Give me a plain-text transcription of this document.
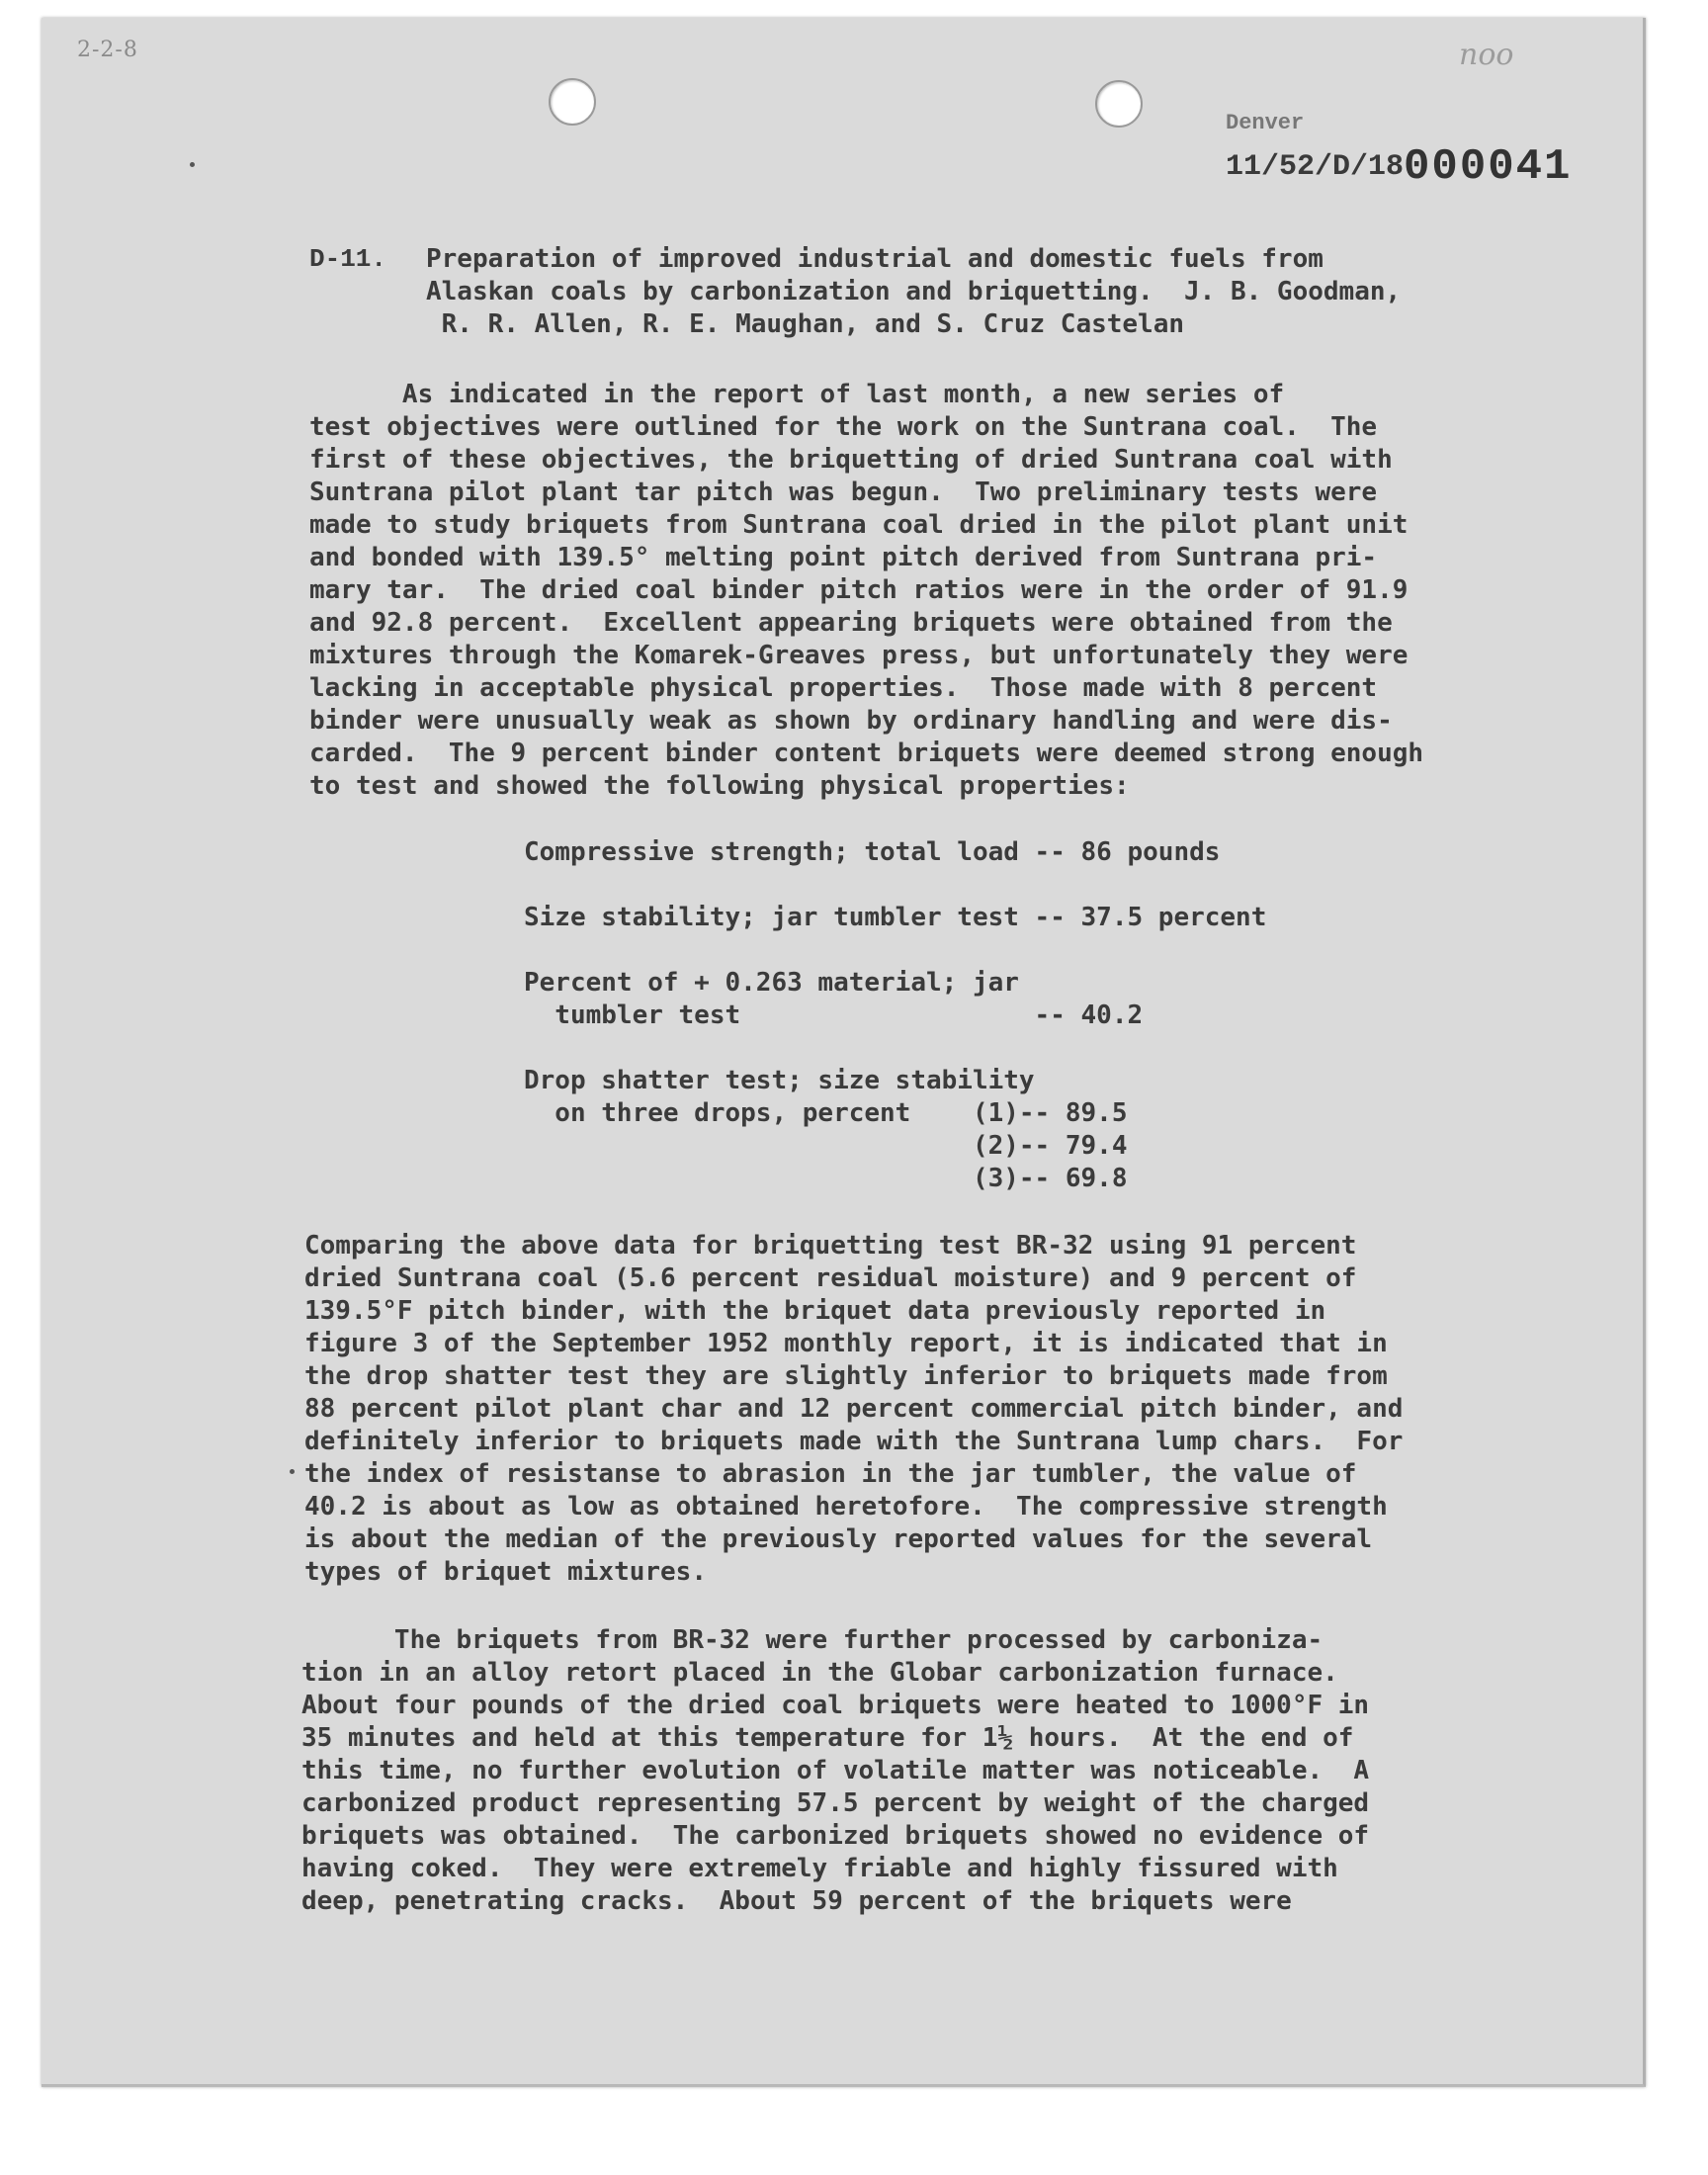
2-2-8	noo
Denver
11/52/D/18000041
D-11. Preparation of improved industrial and domestic fuels from
Alaskan coals by carbonization and briquetting.  J. B. Goodman,
R. R. Allen, R. E. Maughan, and S. Cruz Castelan
As indicated in the report of last month, a new series of
test objectives were outlined for the work on the Suntrana coal.  The
first of these objectives, the briquetting of dried Suntrana coal with
Suntrana pilot plant tar pitch was begun.  Two preliminary tests were
made to study briquets from Suntrana coal dried in the pilot plant unit
and bonded with 139.5° melting point pitch derived from Suntrana pri-
mary tar.  The dried coal binder pitch ratios were in the order of 91.9
and 92.8 percent.  Excellent appearing briquets were obtained from the
mixtures through the Komarek-Greaves press, but unfortunately they were
lacking in acceptable physical properties.  Those made with 8 percent
binder were unusually weak as shown by ordinary handling and were dis-
carded.  The 9 percent binder content briquets were deemed strong enough
to test and showed the following physical properties:
Compressive strength; total load -- 86 pounds

Size stability; jar tumbler test -- 37.5 percent

Percent of + 0.263 material; jar
tumbler test                   -- 40.2

Drop shatter test; size stability
on three drops, percent    (1)-- 89.5
(2)-- 79.4
(3)-- 69.8
Comparing the above data for briquetting test BR-32 using 91 percent
dried Suntrana coal (5.6 percent residual moisture) and 9 percent of
139.5°F pitch binder, with the briquet data previously reported in
figure 3 of the September 1952 monthly report, it is indicated that in
the drop shatter test they are slightly inferior to briquets made from
88 percent pilot plant char and 12 percent commercial pitch binder, and
definitely inferior to briquets made with the Suntrana lump chars.  For
the index of resistanse to abrasion in the jar tumbler, the value of
40.2 is about as low as obtained heretofore.  The compressive strength
is about the median of the previously reported values for the several
types of briquet mixtures.
The briquets from BR-32 were further processed by carboniza-
tion in an alloy retort placed in the Globar carbonization furnace.
About four pounds of the dried coal briquets were heated to 1000°F in
35 minutes and held at this temperature for 1½ hours.  At the end of
this time, no further evolution of volatile matter was noticeable.  A
carbonized product representing 57.5 percent by weight of the charged
briquets was obtained.  The carbonized briquets showed no evidence of
having coked.  They were extremely friable and highly fissured with
deep, penetrating cracks.  About 59 percent of the briquets were
